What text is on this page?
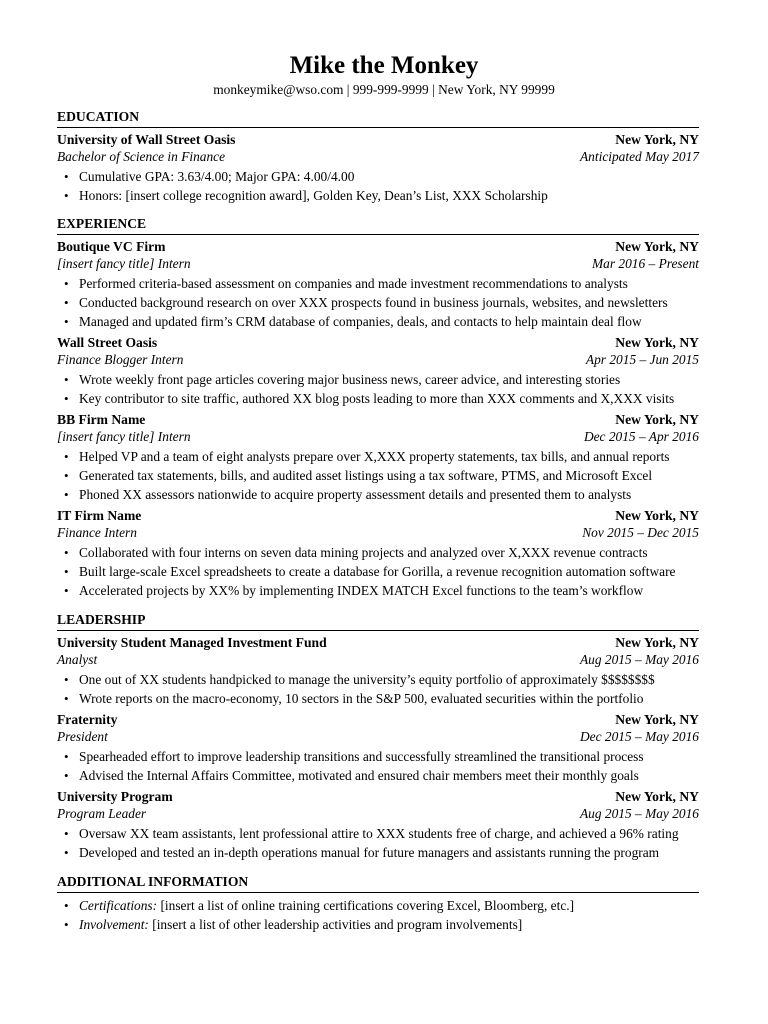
Mike the Monkey
monkeymike@wso.com | 999-999-9999 | New York, NY 99999
EDUCATION
University of Wall Street Oasis	New York, NY
Bachelor of Science in Finance	Anticipated May 2017
• Cumulative GPA: 3.63/4.00; Major GPA: 4.00/4.00
• Honors: [insert college recognition award], Golden Key, Dean’s List, XXX Scholarship
EXPERIENCE
Boutique VC Firm	New York, NY
[insert fancy title] Intern	Mar 2016 – Present
• Performed criteria-based assessment on companies and made investment recommendations to analysts
• Conducted background research on over XXX prospects found in business journals, websites, and newsletters
• Managed and updated firm’s CRM database of companies, deals, and contacts to help maintain deal flow
Wall Street Oasis	New York, NY
Finance Blogger Intern	Apr 2015 – Jun 2015
• Wrote weekly front page articles covering major business news, career advice, and interesting stories
• Key contributor to site traffic, authored XX blog posts leading to more than XXX comments and X,XXX visits
BB Firm Name	New York, NY
[insert fancy title] Intern	Dec 2015 – Apr 2016
• Helped VP and a team of eight analysts prepare over X,XXX property statements, tax bills, and annual reports
• Generated tax statements, bills, and audited asset listings using a tax software, PTMS, and Microsoft Excel
• Phoned XX assessors nationwide to acquire property assessment details and presented them to analysts
IT Firm Name	New York, NY
Finance Intern	Nov 2015 – Dec 2015
• Collaborated with four interns on seven data mining projects and analyzed over X,XXX revenue contracts
• Built large-scale Excel spreadsheets to create a database for Gorilla, a revenue recognition automation software
• Accelerated projects by XX% by implementing INDEX MATCH Excel functions to the team’s workflow
LEADERSHIP
University Student Managed Investment Fund	New York, NY
Analyst	Aug 2015 – May 2016
• One out of XX students handpicked to manage the university’s equity portfolio of approximately $$$$$$$$
• Wrote reports on the macro-economy, 10 sectors in the S&P 500, evaluated securities within the portfolio
Fraternity	New York, NY
President	Dec 2015 – May 2016
• Spearheaded effort to improve leadership transitions and successfully streamlined the transitional process
• Advised the Internal Affairs Committee, motivated and ensured chair members meet their monthly goals
University Program	New York, NY
Program Leader	Aug 2015 – May 2016
• Oversaw XX team assistants, lent professional attire to XXX students free of charge, and achieved a 96% rating
• Developed and tested an in-depth operations manual for future managers and assistants running the program
ADDITIONAL INFORMATION
• Certifications: [insert a list of online training certifications covering Excel, Bloomberg, etc.]
• Involvement: [insert a list of other leadership activities and program involvements]
